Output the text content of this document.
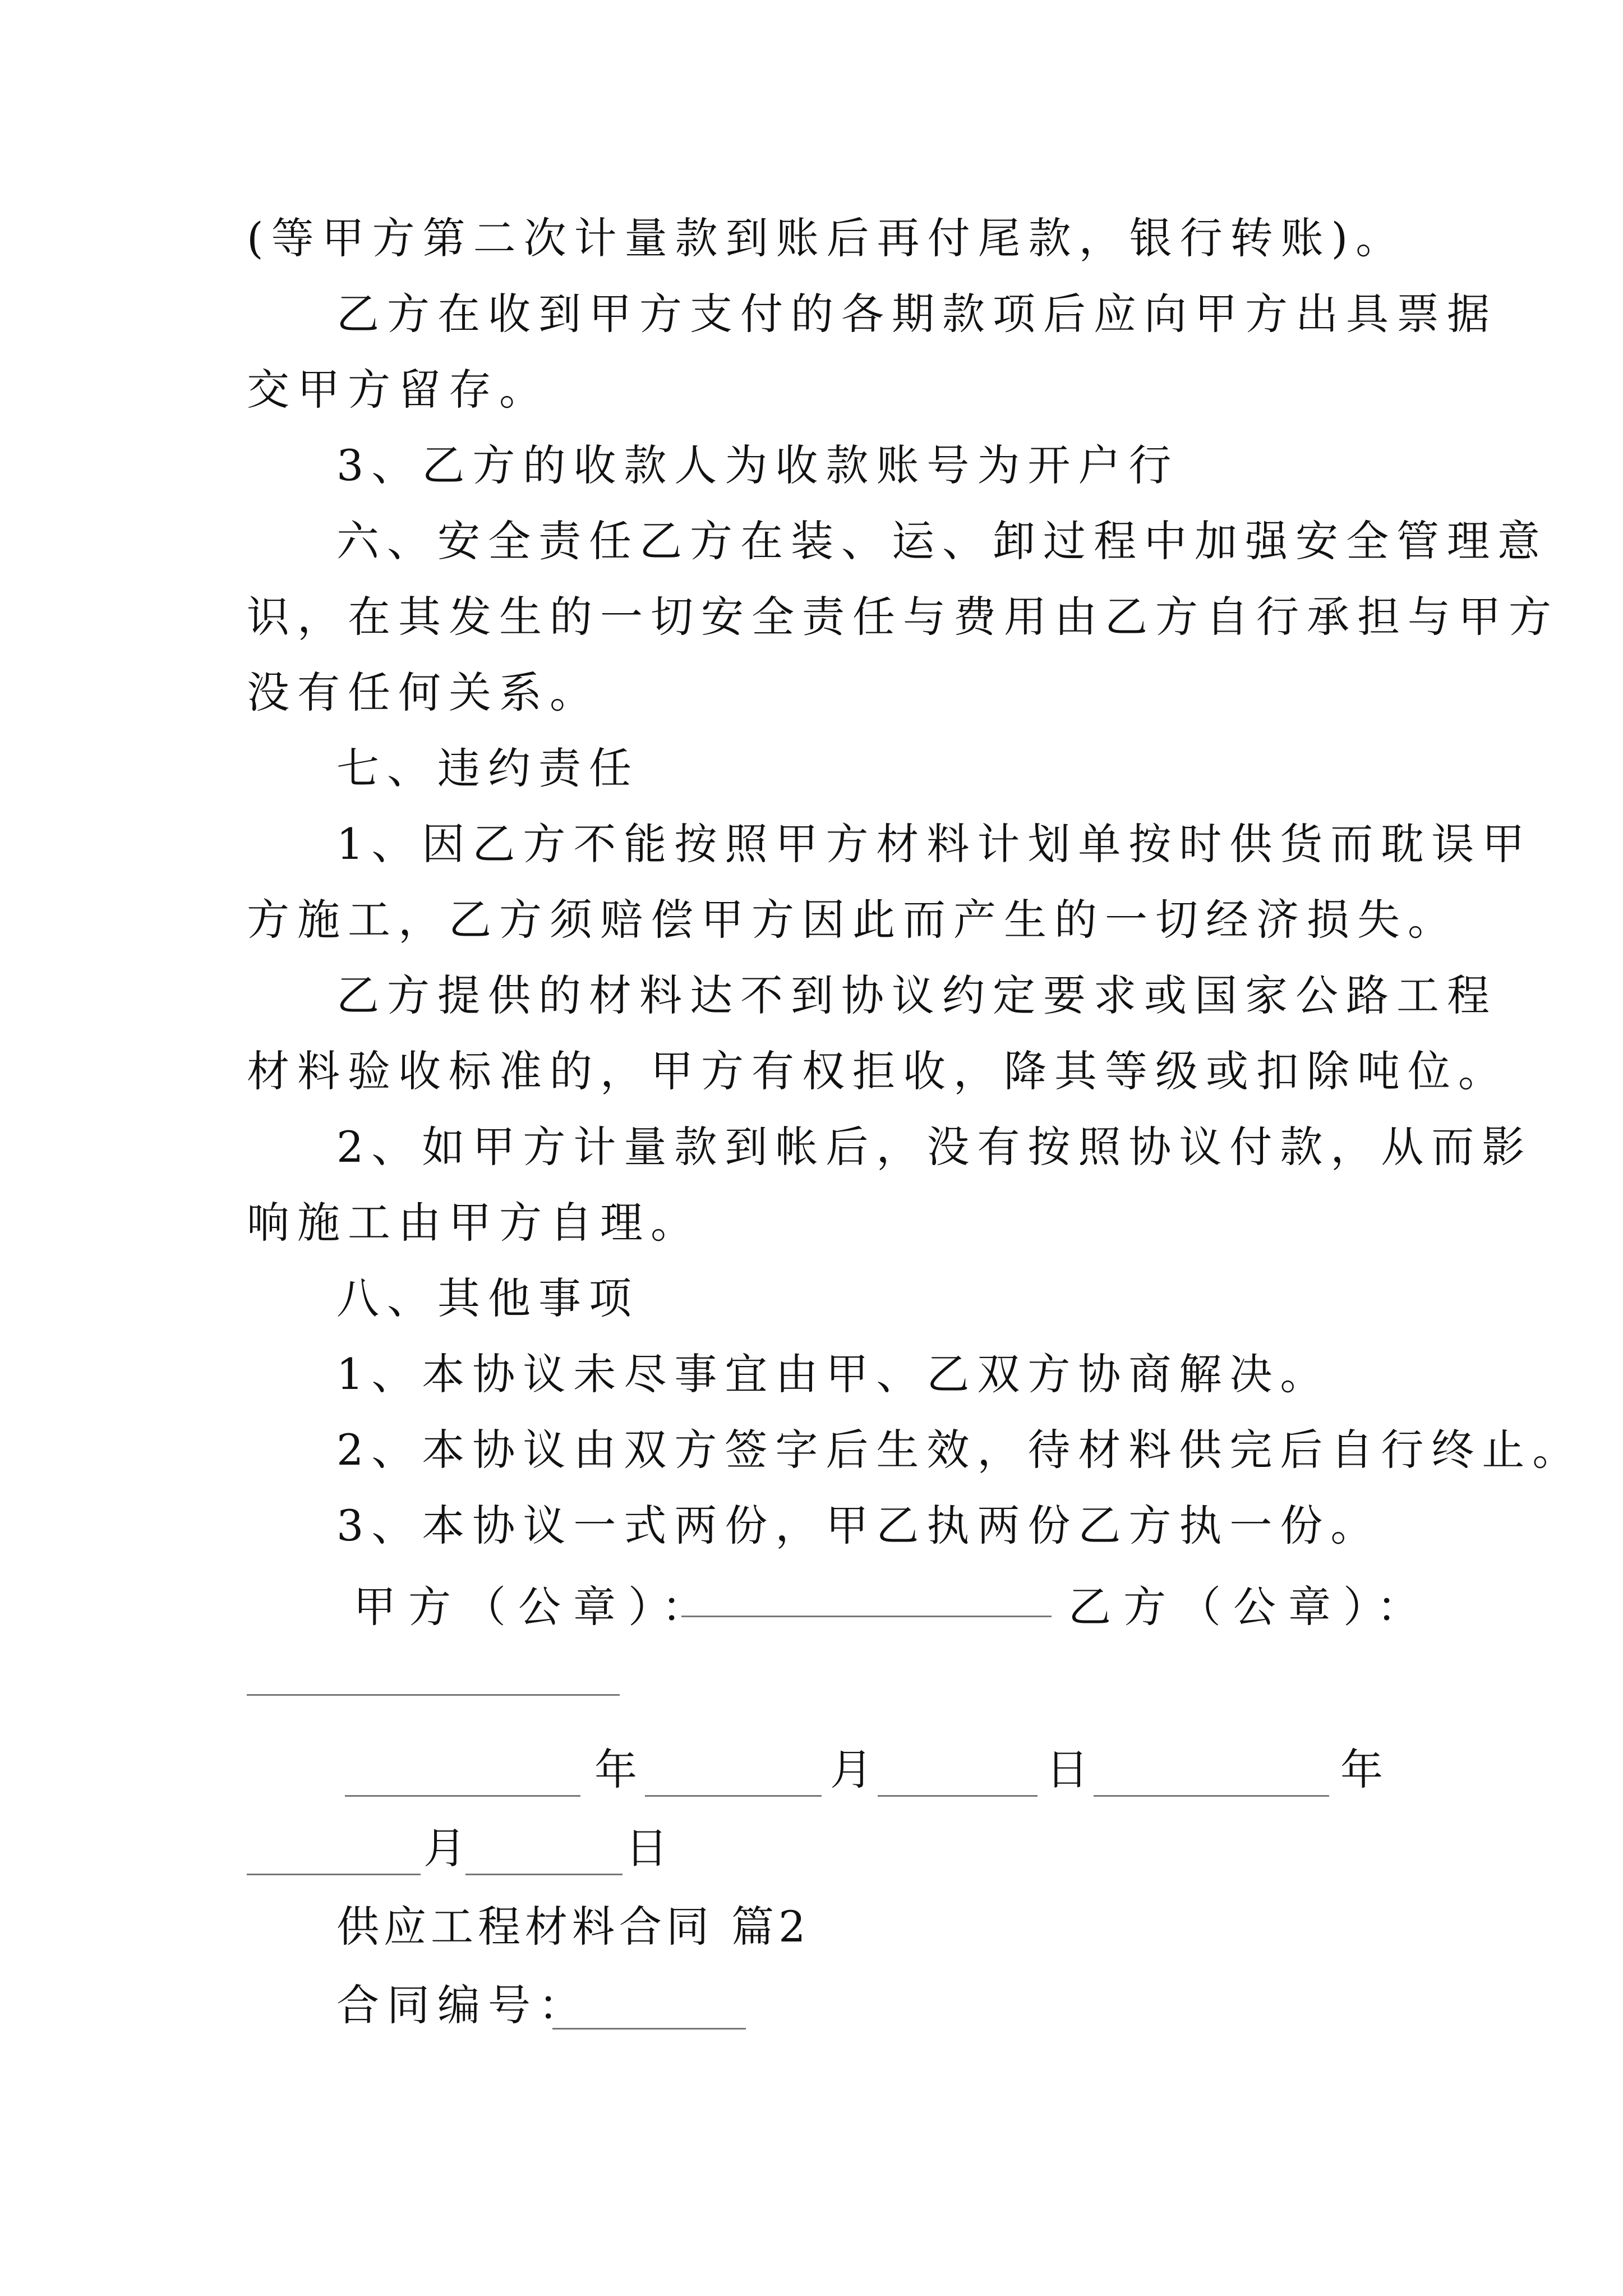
(等甲方第二次计量款到账后再付尾款，银行转账)。
乙方在收到甲方支付的各期款项后应向甲方出具票据
交甲方留存。
3、乙方的收款人为收款账号为开户行
六、安全责任乙方在装、运、卸过程中加强安全管理意
识，在其发生的一切安全责任与费用由乙方自行承担与甲方
没有任何关系。
七、违约责任
1、因乙方不能按照甲方材料计划单按时供货而耽误甲
方施工，乙方须赔偿甲方因此而产生的一切经济损失。
乙方提供的材料达不到协议约定要求或国家公路工程
材料验收标准的，甲方有权拒收，降其等级或扣除吨位。
2、如甲方计量款到帐后，没有按照协议付款，从而影
响施工由甲方自理。
八、其他事项
1、本协议未尽事宜由甲、乙双方协商解决。
2、本协议由双方签字后生效，待材料供完后自行终止。
3、本协议一式两份，甲乙执两份乙方执一份。
甲方（公章）：	乙方（公章）：
年	月	日	年
月	日
供应工程材料合同 篇2
合同编号：
